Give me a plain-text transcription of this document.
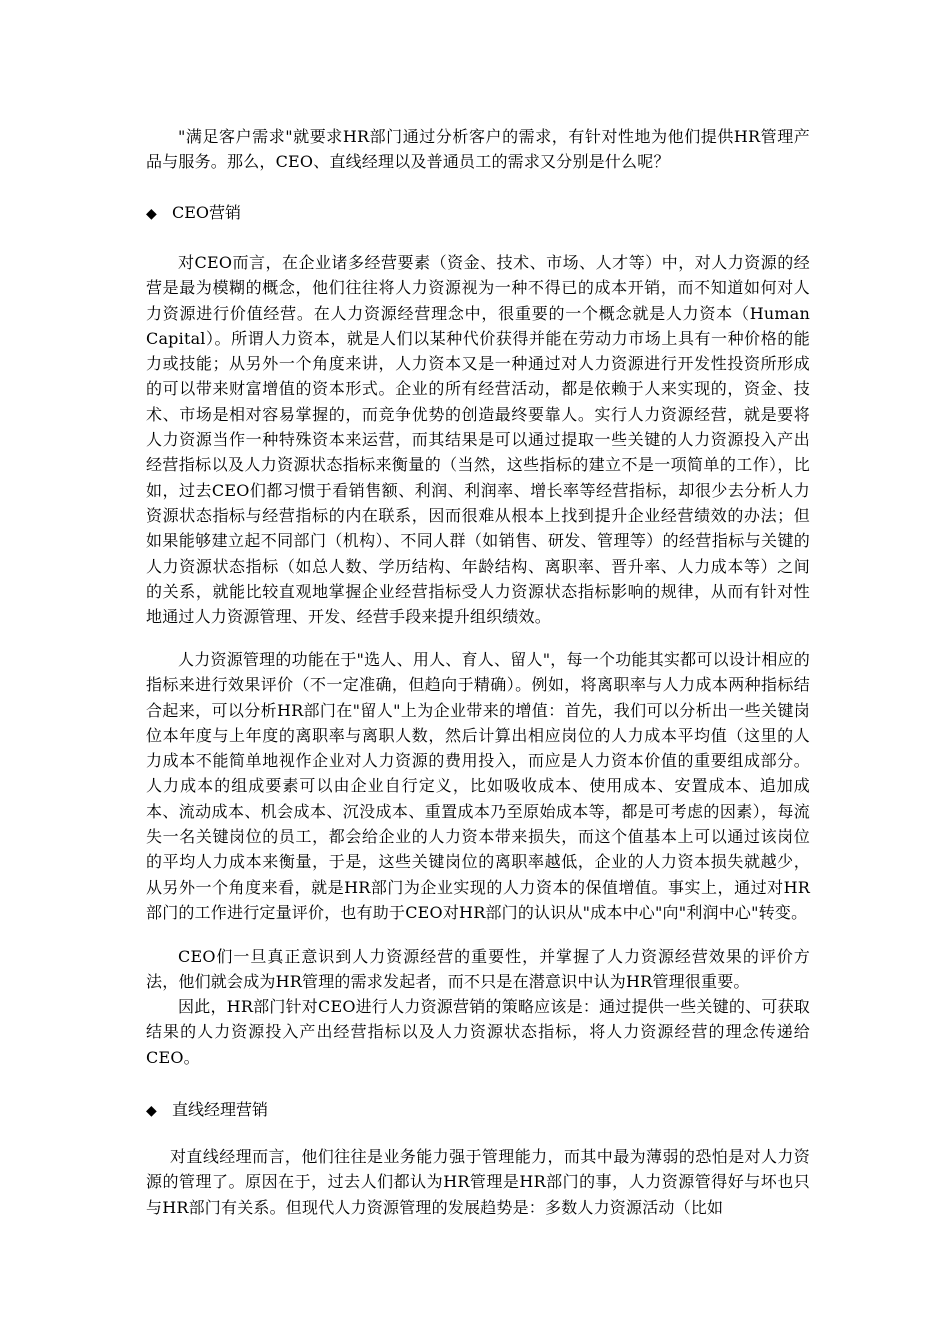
"满足客户需求"就要求HR部门通过分析客户的需求，有针对性地为他们提供HR管理产品与服务。那么，CEO、直线经理以及普通员工的需求又分别是什么呢？

◆ CEO营销

对CEO而言，在企业诸多经营要素（资金、技术、市场、人才等）中，对人力资源的经营是最为模糊的概念，他们往往将人力资源视为一种不得已的成本开销，而不知道如何对人力资源进行价值经营。在人力资源经营理念中，很重要的一个概念就是人力资本（Human Capital）。所谓人力资本，就是人们以某种代价获得并能在劳动力市场上具有一种价格的能力或技能；从另外一个角度来讲，人力资本又是一种通过对人力资源进行开发性投资所形成的可以带来财富增值的资本形式。企业的所有经营活动，都是依赖于人来实现的，资金、技术、市场是相对容易掌握的，而竞争优势的创造最终要靠人。实行人力资源经营，就是要将人力资源当作一种特殊资本来运营，而其结果是可以通过提取一些关键的人力资源投入产出经营指标以及人力资源状态指标来衡量的（当然，这些指标的建立不是一项简单的工作），比如，过去CEO们都习惯于看销售额、利润、利润率、增长率等经营指标，却很少去分析人力资源状态指标与经营指标的内在联系，因而很难从根本上找到提升企业经营绩效的办法；但如果能够建立起不同部门（机构）、不同人群（如销售、研发、管理等）的经营指标与关键的人力资源状态指标（如总人数、学历结构、年龄结构、离职率、晋升率、人力成本等）之间的关系，就能比较直观地掌握企业经营指标受人力资源状态指标影响的规律，从而有针对性地通过人力资源管理、开发、经营手段来提升组织绩效。

人力资源管理的功能在于"选人、用人、育人、留人"，每一个功能其实都可以设计相应的指标来进行效果评价（不一定准确，但趋向于精确）。例如，将离职率与人力成本两种指标结合起来，可以分析HR部门在"留人"上为企业带来的增值：首先，我们可以分析出一些关键岗位本年度与上年度的离职率与离职人数，然后计算出相应岗位的人力成本平均值（这里的人力成本不能简单地视作企业对人力资源的费用投入，而应是人力资本价值的重要组成部分。人力成本的组成要素可以由企业自行定义，比如吸收成本、使用成本、安置成本、追加成本、流动成本、机会成本、沉没成本、重置成本乃至原始成本等，都是可考虑的因素），每流失一名关键岗位的员工，都会给企业的人力资本带来损失，而这个值基本上可以通过该岗位的平均人力成本来衡量，于是，这些关键岗位的离职率越低，企业的人力资本损失就越少，从另外一个角度来看，就是HR部门为企业实现的人力资本的保值增值。事实上，通过对HR部门的工作进行定量评价，也有助于CEO对HR部门的认识从"成本中心"向"利润中心"转变。

CEO们一旦真正意识到人力资源经营的重要性，并掌握了人力资源经营效果的评价方法，他们就会成为HR管理的需求发起者，而不只是在潜意识中认为HR管理很重要。

因此，HR部门针对CEO进行人力资源营销的策略应该是：通过提供一些关键的、可获取结果的人力资源投入产出经营指标以及人力资源状态指标，将人力资源经营的理念传递给CEO。

◆ 直线经理营销

对直线经理而言，他们往往是业务能力强于管理能力，而其中最为薄弱的恐怕是对人力资源的管理了。原因在于，过去人们都认为HR管理是HR部门的事，人力资源管得好与坏也只与HR部门有关系。但现代人力资源管理的发展趋势是：多数人力资源活动（比如
